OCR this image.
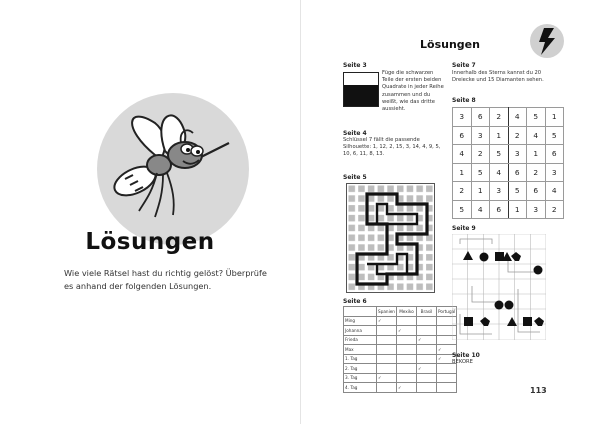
Lösungen
Wie viele Rätsel hast du richtig gelöst? Überprüfe es anhand der folgenden Lösungen.
Lösungen
Seite 3
Füge die schwarzen Teile der ersten beiden Quadrate in jeder Reihe zusammen und du weißt, wie das dritte aussieht.
Seite 4
Schlüssel 7 fällt die passende Silhouette: 1, 12, 2, 15, 3, 14, 4, 9, 5, 10, 6, 11, 8, 13.
Seite 5
Seite 6
	Spanien	Mexiko	Brasil	Portugal
Ming	✓			
Johanna		✓		
Frieda			✓	
Max				✓
1. Tag				✓
2. Tag			✓	
3. Tag	✓			
4. Tag		✓		
Seite 7
Innerhalb des Sterns kannst du 20 Dreiecke und 15 Diamanten sehen.
Seite 8
3	6	2	4	5	1
6	3	1	2	4	5
4	2	5	3	1	6
1	5	4	6	2	3
2	1	3	5	6	4
5	4	6	1	3	2
Seite 9
Seite 10
BEKORE
113
